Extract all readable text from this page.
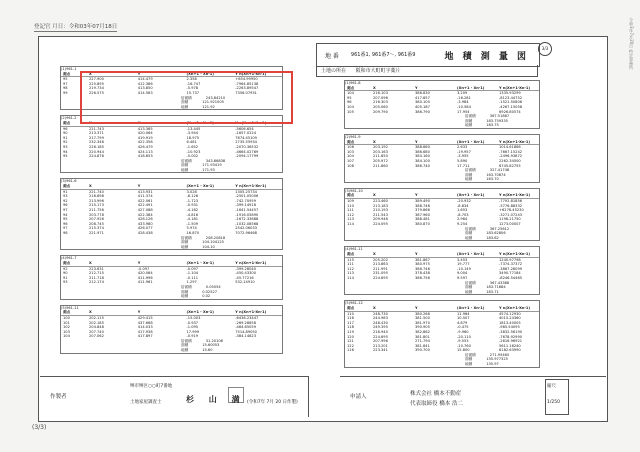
登記官 月日：令和03年07月18日	令和3年7月20日 特定事務所
地 番 961番1, 961番7〜, 961番9	地 積 測 量 図
3/3
土地の所在 阪和市大町町字薬片
(1)961-1
測点	X	Y	(Xn+1 - Xn-1)	Y n(Xn+1-Xn-1)
95	227.900	414.479	2.358	+654.99950
97	225.895	412.386	-16.747	-7964.85138
98	219.734	413.850	-5.978	-2263.89547
99	226.575	414.583	15.737	7356.07931
倍面積	243.84210
面積	121.921005
地積	121.92
(2)961-2
測点	X	Y	(Xn+1 - Xn-1)	Y n(Xn+1-Xn-1)
96	221.743	413.365	-13.445	-5606.654
90	213.371	420.064	-3.944	-1657.0224
91	217.799	419.919	18.975	7874.45109
92	232.346	422.358	6.481	2735.55934
93	226.185	426.479	-1.652	-2070.36532
94	220.944	424.113	-10.923	-4664.02769
95	224.876	418.653	-5.002	-2094.17799
倍面積	343.86838
面積	171.93419
地積	171.93
(3)961-6
測点	X	Y	(Xn+1 - Xn-1)	Y n(Xn+1-Xn-1)
91	221.740	413.931	3.028	1305.25734
93	216.698	411.374	-6.126	-2501.05006
92	213.996	422.061	-1.723	-742.70959
96	215.173	422.491	-0.931	-399.14918
97	211.756	427.088	-4.182	-1641.54457
94	203.778	422.384	-4.816	-1916.05890
95	207.926	428.126	-4.181	-1672.33688
96	208.745	433.980	-1.509	-1032.08568
97	215.374	426.077	5.974	2542.06033
98	221.971	428.438	16.870	7072.96468
倍面積	208.20818
面積	104.104125
地積	104.10
(4)961-7
測点	X	Y	(Xn+1 - Xn-1)	Y n(Xn+1-Xn-1)
92	223.631	-0.097	-0.097	-399.28040
90	212.715	420.064	-1.104	-450.43300
91	211.718	411.996	-0.111	-45.77216
93	212.174	411.961	1.297	532.14910
倍面積	0.05054
面積	0.02527
地積	0.02
(5)961-11
測点	X	Y	(Xn+1 - Xn-1)	Y n(Xn+1-Xn-1)
100	202.115	429.415	-15.003	-6436.23447
101	202.185	437.668	-0.937	-269.28858
102	204.848	414.033	-1.095	-464.65059
103	207.740	417.938	17.999	7514.89050
104	207.062	417.897	-0.919	-384.14823
倍面積	31.20106
面積	15.60053
地積	15.60
(1)961-8
測点	X	Y	(Xn+1 - Xn-1)	Y n(Xn+1-Xn-1)
104	216.103	386.830	3.209	1335.93299
95	207.096	417.857	-16.281	-8123.44752
96	216.303	380.100	-3.984	-1521.50808
104	205.060	405.187	-10.584	-4267.15058
105	209.790	386.790	17.954	6926.80574
倍面積	367.51867
面積	183.759335
地積	183.75
(2)961-9
測点	X	Y	(Xn+1 - Xn-1)	Y n(Xn+1-Xn-1)
106	203.192	388.660	2.633	1014.61866
103	203.163	386.680	-19.957	-7667.15242
104	211.650	384.160	-3.955	-2496.93872
107	205.972	384.100	5.890	2262.34500
108	211.860	386.740	17.711	6745.82755
倍面積	327.41748
面積	163.70874
地積	163.70
(3)961-10
測点	X	Y	(Xn+1 - Xn-1)	Y n(Xn+1-Xn-1)
109	223.460	389.490	-20.932	-7792.81856
110	213.183	388.746	-8.834	-3776.88332
111	210.193	379.866	1.653	+6278.45230
112	211.543	387.960	-8.703	-3271.07243
113	209.946	388.481	2.984	1198.21750
114	224.095	380.870	9.254	1273.00007
倍面積	367.25612
面積	183.62806
地積	183.62
(4)961-11
測点	X	Y	(Xn+1 - Xn-1)	Y n(Xn+1-Xn-1)
115	205.202	381.867	3.453	1240.97798
111	213.863	380.975	19.777	-7374.37372
112	211.991	386.746	-10.149	-3867.28099
113	231.095	378.438	9.004	3490.77184
114	224.695	386.756	9.597	-8246.54465
倍面積	367.43368
面積	183.71684
地積	183.71
(5)961-12
測点	X	Y	(Xn+1 - Xn-1)	Y n(Xn+1-Xn-1)
110	248.730	380.266	11.964	4574.12930
116	244.983	381.500	10.507	4015.24360
117	248.430	381.970	4.879	1813.40005
118	249.395	390.905	-0.475	-985.54095
119	216.940	382.862	-9.960	-3832.56190
120	224.695	381.801	-20.110	-7678.92990
121	207.996	271.794	-9.553	-2616.96921
122	213.201	381.841	-10.760	5611.16240
116	223.341	390.700	15.800	6182.63990
倍面積	271.95465
面積	135.977325
地積	135.97
作製者
堺市堺区○○町7番地
土地家屋調査士	杉 山 満 (令和7年 7月 20 日作製)
申請人	株式会社 橋本不動産
代表取締役 橋本 浩二
縮尺
1/250
(3/3)
